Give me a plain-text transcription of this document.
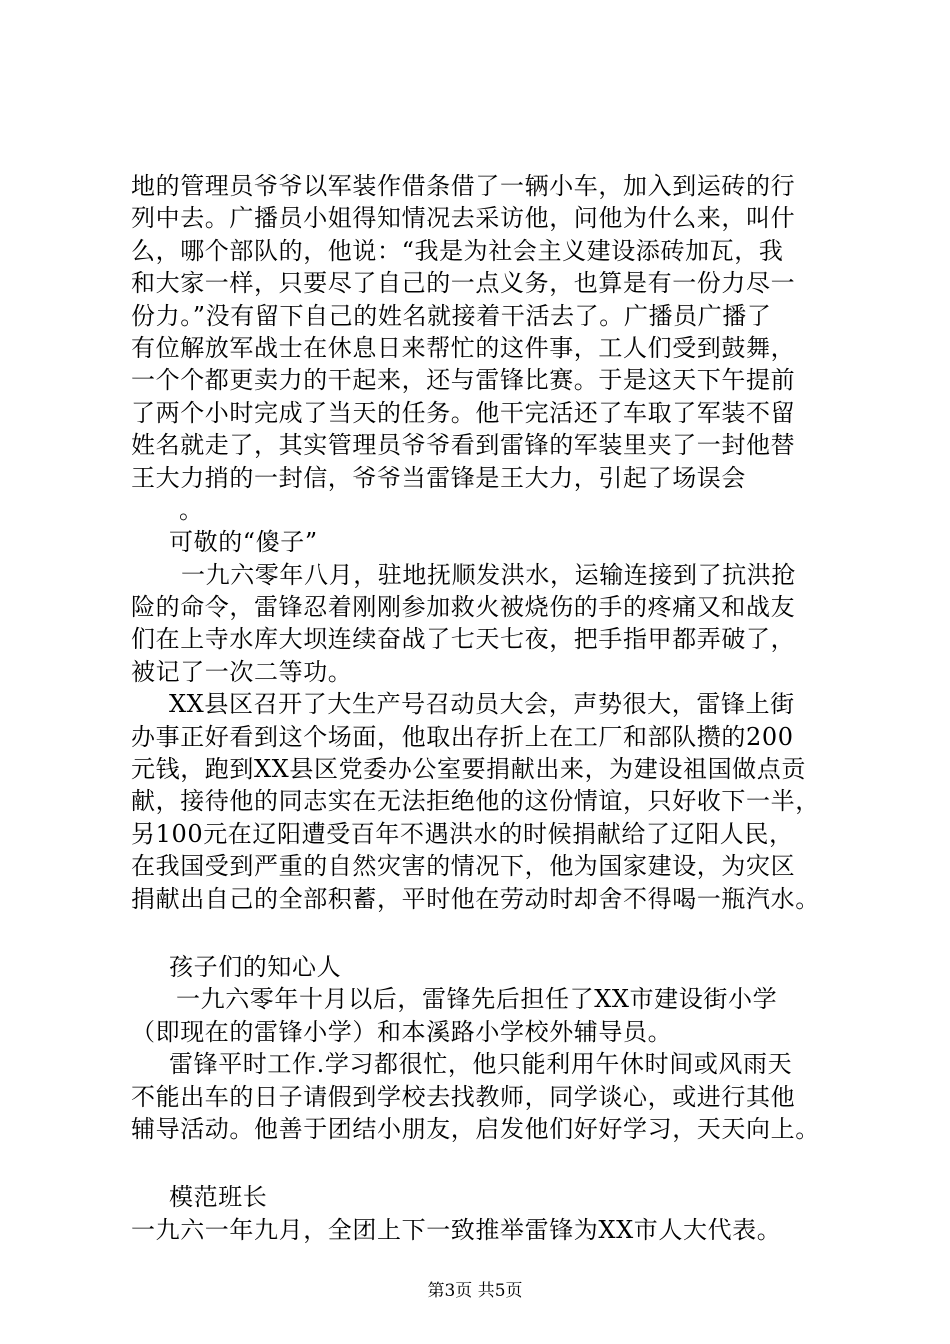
地的管理员爷爷以军装作借条借了一辆小车，加入到运砖的行
列中去。广播员小姐得知情况去采访他，问他为什么来，叫什
么，哪个部队的，他说：“我是为社会主义建设添砖加瓦，我
和大家一样，只要尽了自己的一点义务，也算是有一份力尽一
份力。”没有留下自己的姓名就接着干活去了。广播员广播了
有位解放军战士在休息日来帮忙的这件事，工人们受到鼓舞，
一个个都更卖力的干起来，还与雷锋比赛。于是这天下午提前
了两个小时完成了当天的任务。他干完活还了车取了军装不留
姓名就走了，其实管理员爷爷看到雷锋的军装里夹了一封他替
王大力捎的一封信，爷爷当雷锋是王大力，引起了场误会
。
可敬的“傻子”
一九六零年八月，驻地抚顺发洪水，运输连接到了抗洪抢
险的命令，雷锋忍着刚刚参加救火被烧伤的手的疼痛又和战友
们在上寺水库大坝连续奋战了七天七夜，把手指甲都弄破了，
被记了一次二等功。
XX县区召开了大生产号召动员大会，声势很大，雷锋上街
办事正好看到这个场面，他取出存折上在工厂和部队攒的200
元钱，跑到XX县区党委办公室要捐献出来，为建设祖国做点贡
献，接待他的同志实在无法拒绝他的这份情谊，只好收下一半，
另100元在辽阳遭受百年不遇洪水的时候捐献给了辽阳人民，
在我国受到严重的自然灾害的情况下，他为国家建设，为灾区
捐献出自己的全部积蓄，平时他在劳动时却舍不得喝一瓶汽水。
孩子们的知心人
一九六零年十月以后，雷锋先后担任了XX市建设街小学
（即现在的雷锋小学）和本溪路小学校外辅导员。
雷锋平时工作.学习都很忙，他只能利用午休时间或风雨天
不能出车的日子请假到学校去找教师，同学谈心，或进行其他
辅导活动。他善于团结小朋友，启发他们好好学习，天天向上。
模范班长
一九六一年九月，全团上下一致推举雷锋为XX市人大代表。
第3页 共5页
